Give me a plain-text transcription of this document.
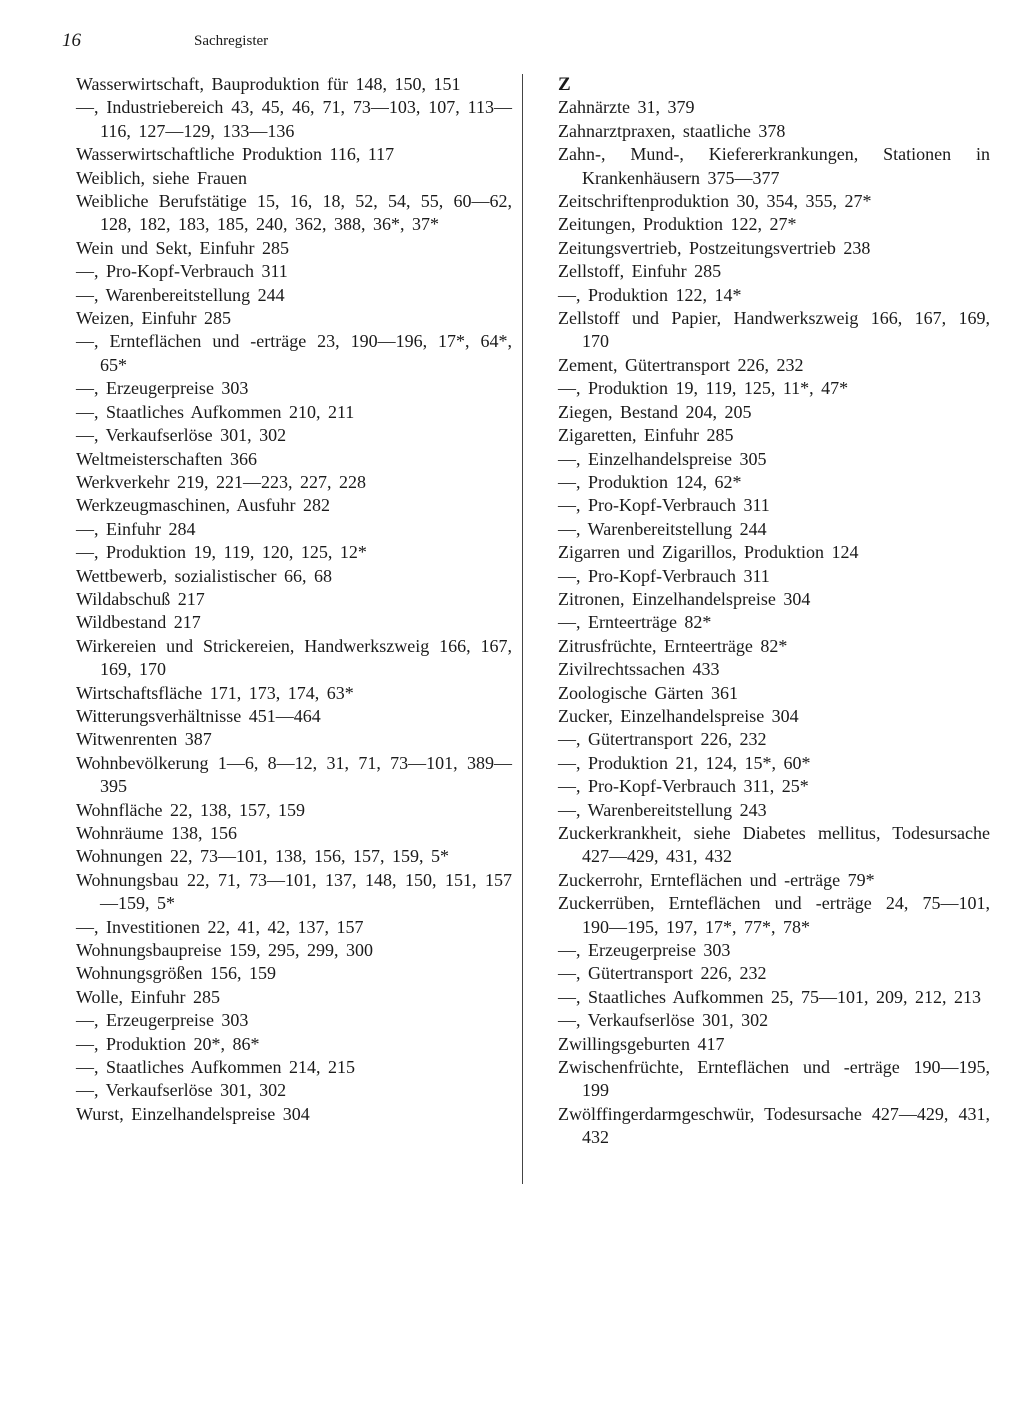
16	Sachregister
Wasserwirtschaft, Bauproduktion für 148, 150, 151
—, Industriebereich 43, 45, 46, 71, 73—103, 107, 113—116, 127—129, 133—136
Wasserwirtschaftliche Produktion 116, 117
Weiblich, siehe Frauen
Weibliche Berufstätige 15, 16, 18, 52, 54, 55, 60—62, 128, 182, 183, 185, 240, 362, 388, 36*, 37*
Wein und Sekt, Einfuhr 285
—, Pro-Kopf-Verbrauch 311
—, Warenbereitstellung 244
Weizen, Einfuhr 285
—, Ernteflächen und -erträge 23, 190—196, 17*, 64*, 65*
—, Erzeugerpreise 303
—, Staatliches Aufkommen 210, 211
—, Verkaufserlöse 301, 302
Weltmeisterschaften 366
Werkverkehr 219, 221—223, 227, 228
Werkzeugmaschinen, Ausfuhr 282
—, Einfuhr 284
—, Produktion 19, 119, 120, 125, 12*
Wettbewerb, sozialistischer 66, 68
Wildabschuß 217
Wildbestand 217
Wirkereien und Strickereien, Handwerkszweig 166, 167, 169, 170
Wirtschaftsfläche 171, 173, 174, 63*
Witterungsverhältnisse 451—464
Witwenrenten 387
Wohnbevölkerung 1—6, 8—12, 31, 71, 73—101, 389—395
Wohnfläche 22, 138, 157, 159
Wohnräume 138, 156
Wohnungen 22, 73—101, 138, 156, 157, 159, 5*
Wohnungsbau 22, 71, 73—101, 137, 148, 150, 151, 157—159, 5*
—, Investitionen 22, 41, 42, 137, 157
Wohnungsbaupreise 159, 295, 299, 300
Wohnungsgrößen 156, 159
Wolle, Einfuhr 285
—, Erzeugerpreise 303
—, Produktion 20*, 86*
—, Staatliches Aufkommen 214, 215
—, Verkaufserlöse 301, 302
Wurst, Einzelhandelspreise 304
Z
Zahnärzte 31, 379
Zahnarztpraxen, staatliche 378
Zahn-, Mund-, Kiefererkrankungen, Stationen in Krankenhäusern 375—377
Zeitschriftenproduktion 30, 354, 355, 27*
Zeitungen, Produktion 122, 27*
Zeitungsvertrieb, Postzeitungsvertrieb 238
Zellstoff, Einfuhr 285
—, Produktion 122, 14*
Zellstoff und Papier, Handwerkszweig 166, 167, 169, 170
Zement, Gütertransport 226, 232
—, Produktion 19, 119, 125, 11*, 47*
Ziegen, Bestand 204, 205
Zigaretten, Einfuhr 285
—, Einzelhandelspreise 305
—, Produktion 124, 62*
—, Pro-Kopf-Verbrauch 311
—, Warenbereitstellung 244
Zigarren und Zigarillos, Produktion 124
—, Pro-Kopf-Verbrauch 311
Zitronen, Einzelhandelspreise 304
—, Ernteerträge 82*
Zitrusfrüchte, Ernteerträge 82*
Zivilrechtssachen 433
Zoologische Gärten 361
Zucker, Einzelhandelspreise 304
—, Gütertransport 226, 232
—, Produktion 21, 124, 15*, 60*
—, Pro-Kopf-Verbrauch 311, 25*
—, Warenbereitstellung 243
Zuckerkrankheit, siehe Diabetes mellitus, Todesursache 427—429, 431, 432
Zuckerrohr, Ernteflächen und -erträge 79*
Zuckerrüben, Ernteflächen und -erträge 24, 75—101, 190—195, 197, 17*, 77*, 78*
—, Erzeugerpreise 303
—, Gütertransport 226, 232
—, Staatliches Aufkommen 25, 75—101, 209, 212, 213
—, Verkaufserlöse 301, 302
Zwillingsgeburten 417
Zwischenfrüchte, Ernteflächen und -erträge 190—195, 199
Zwölffingerdarmgeschwür, Todesursache 427—429, 431, 432
